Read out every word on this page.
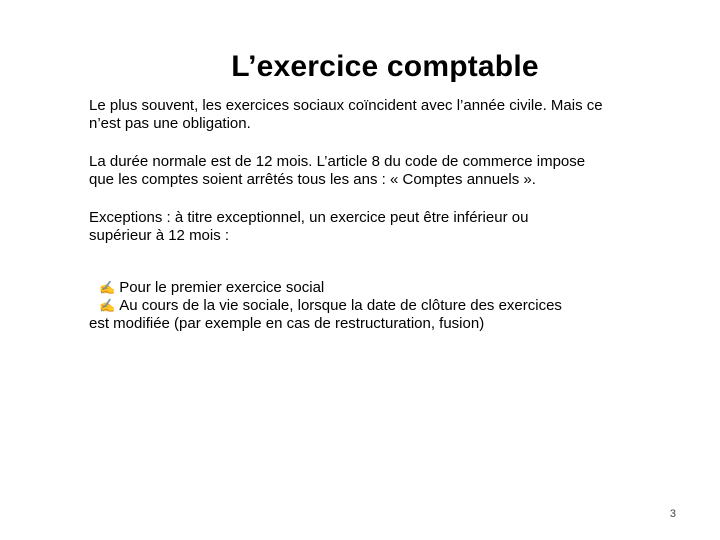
L’exercice comptable

Le plus souvent, les exercices sociaux coïncident avec l’année civile. Mais ce n’est pas une obligation.

La durée normale est de 12 mois. L’article 8 du code de commerce impose que les comptes soient arrêtés tous les ans : « Comptes annuels ».

Exceptions : à titre exceptionnel, un exercice peut être inférieur ou supérieur à 12 mois :

✍ Pour le premier exercice social
✍ Au cours de la vie sociale, lorsque la date de clôture des exercices
est modifiée (par exemple en cas de restructuration, fusion)
3
